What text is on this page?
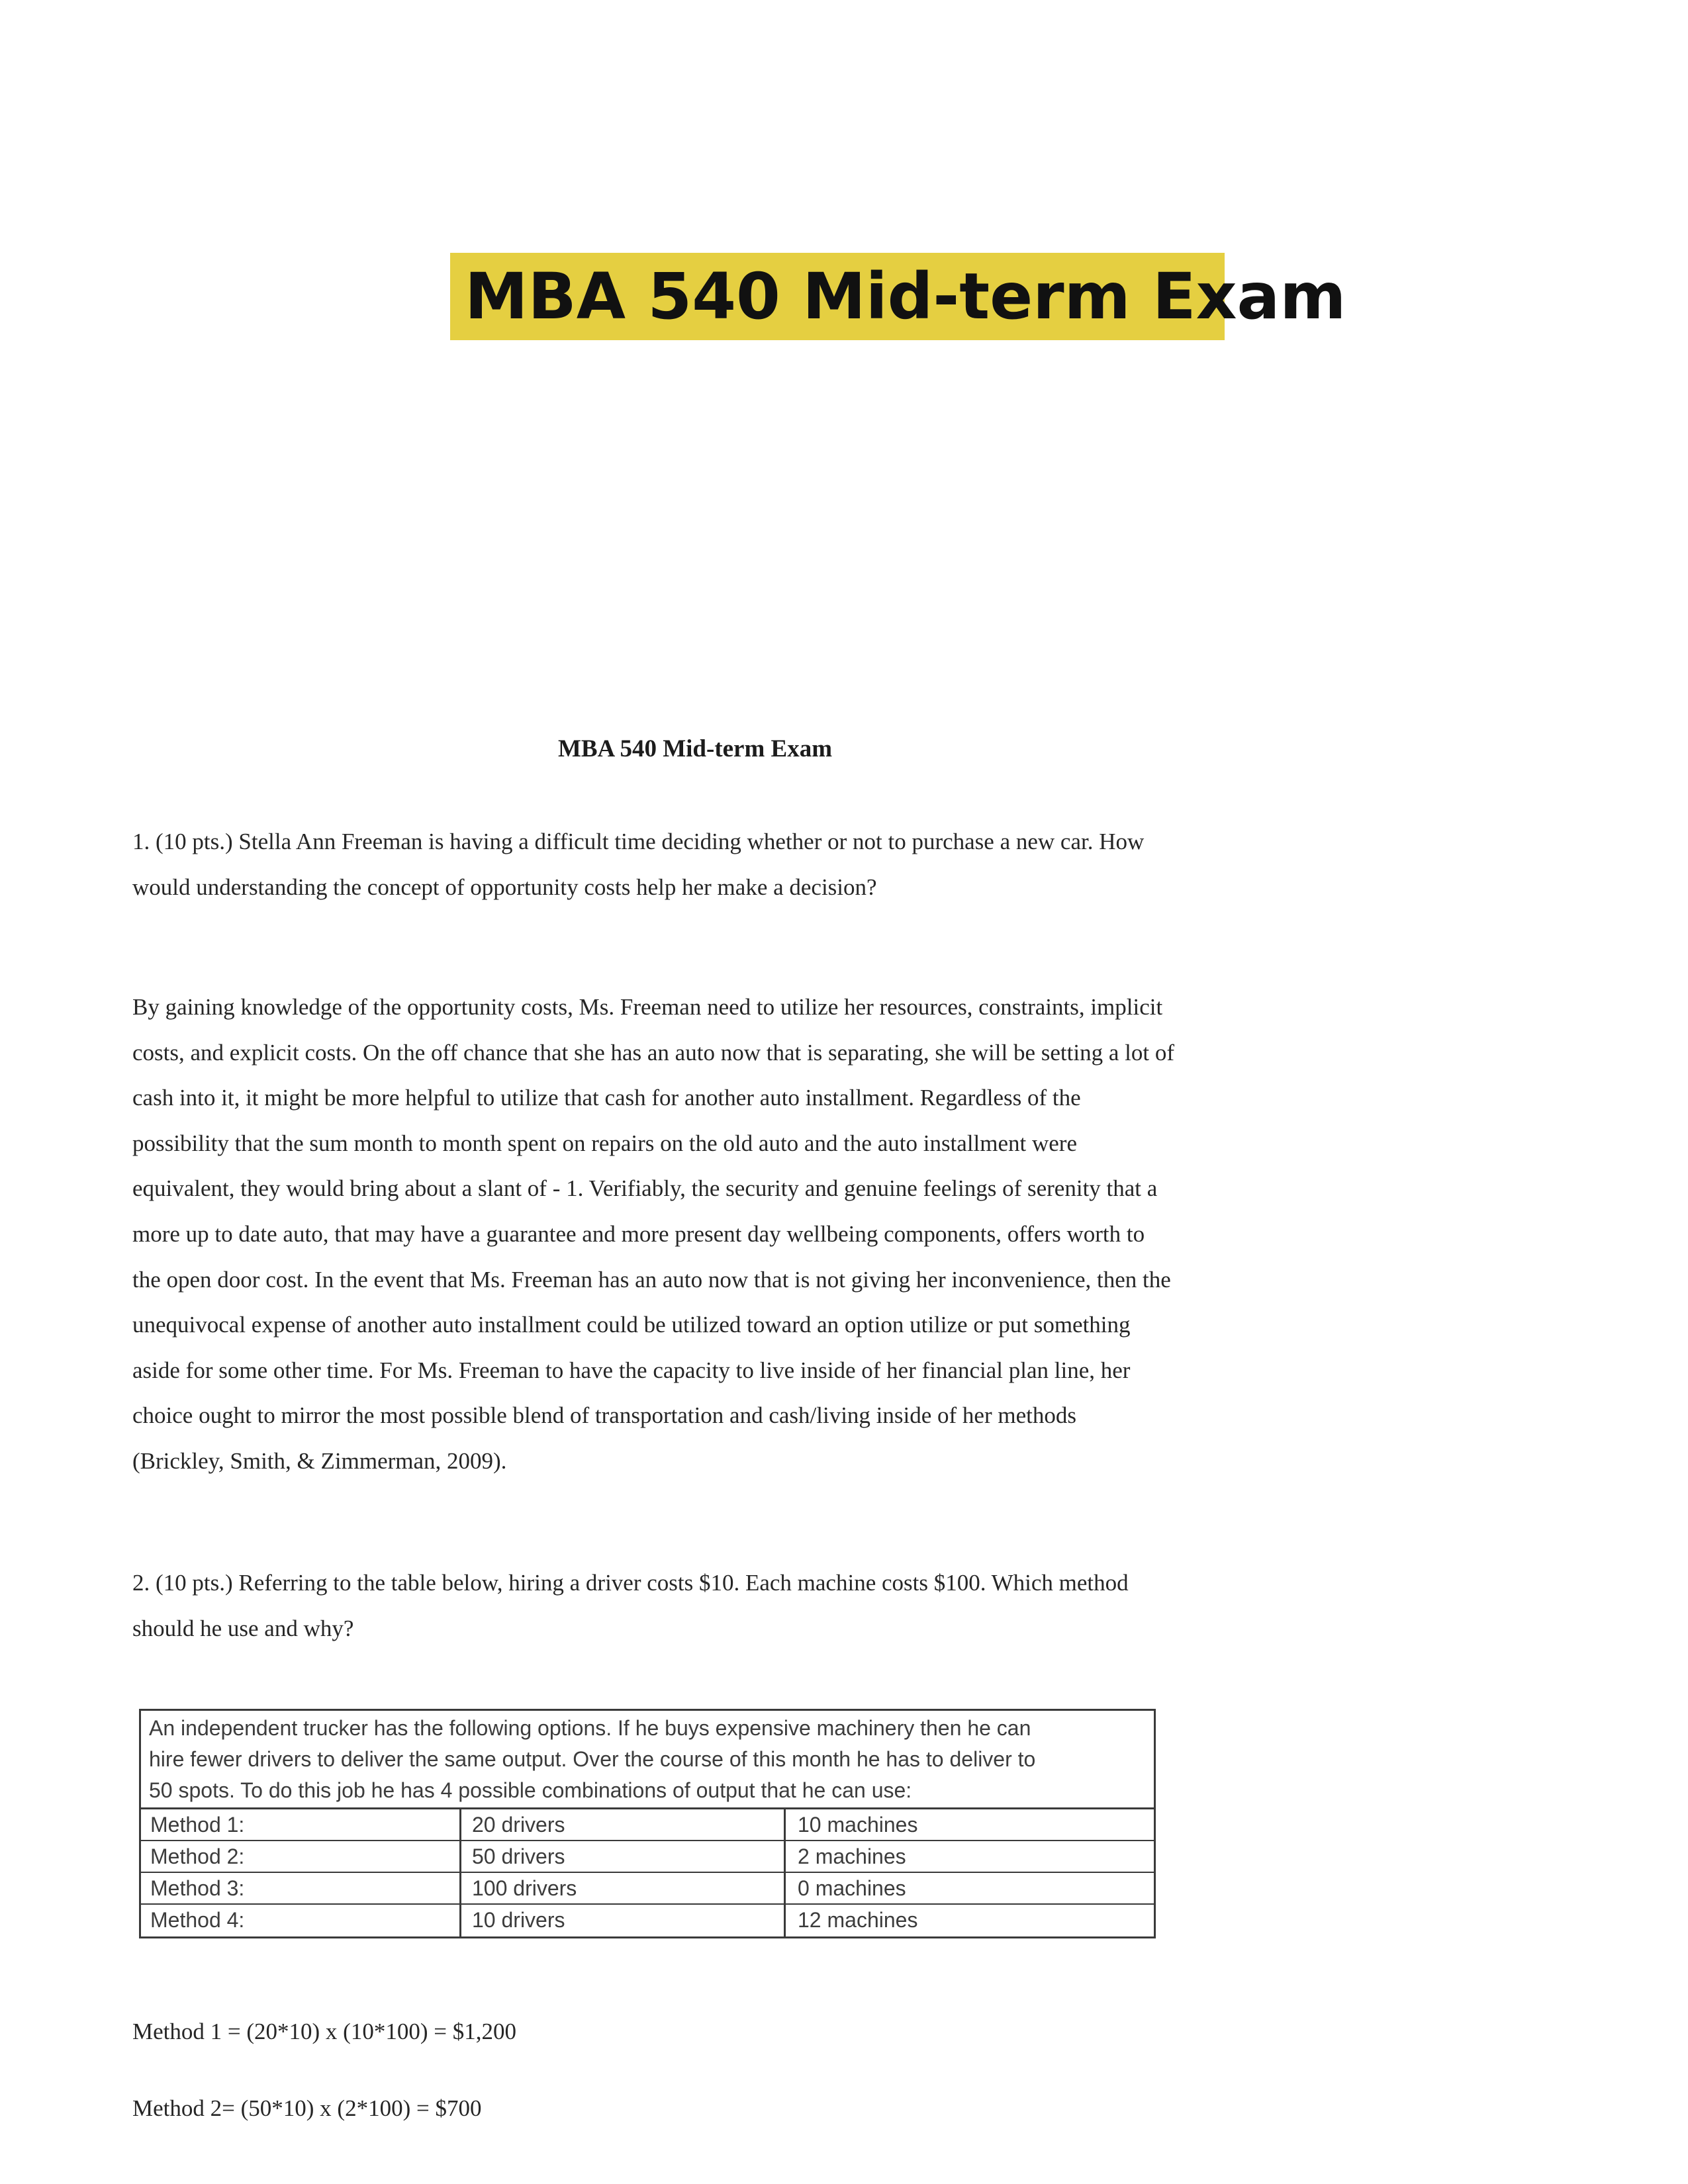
MBA 540 Mid-term Exam
MBA 540 Mid-term Exam
1. (10 pts.) Stella Ann Freeman is having a difficult time deciding whether or not to purchase a new car. How
would understanding the concept of opportunity costs help her make a decision?
By gaining knowledge of the opportunity costs, Ms. Freeman need to utilize her resources, constraints, implicit
costs, and explicit costs. On the off chance that she has an auto now that is separating, she will be setting a lot of
cash into it, it might be more helpful to utilize that cash for another auto installment. Regardless of the
possibility that the sum month to month spent on repairs on the old auto and the auto installment were
equivalent, they would bring about a slant of - 1. Verifiably, the security and genuine feelings of serenity that a
more up to date auto, that may have a guarantee and more present day wellbeing components, offers worth to
the open door cost. In the event that Ms. Freeman has an auto now that is not giving her inconvenience, then the
unequivocal expense of another auto installment could be utilized toward an option utilize or put something
aside for some other time. For Ms. Freeman to have the capacity to live inside of her financial plan line, her
choice ought to mirror the most possible blend of transportation and cash/living inside of her methods
(Brickley, Smith, & Zimmerman, 2009).
2. (10 pts.) Referring to the table below, hiring a driver costs $10. Each machine costs $100. Which method
should he use and why?
An independent trucker has the following options. If he buys expensive machinery then he can
hire fewer drivers to deliver the same output. Over the course of this month he has to deliver to
50 spots. To do this job he has 4 possible combinations of output that he can use:
Method 1:	20 drivers	10 machines
Method 2:	50 drivers	2 machines
Method 3:	100 drivers	0 machines
Method 4:	10 drivers	12 machines
Method 1 = (20*10) x (10*100) = $1,200
Method 2= (50*10) x (2*100) = $700
